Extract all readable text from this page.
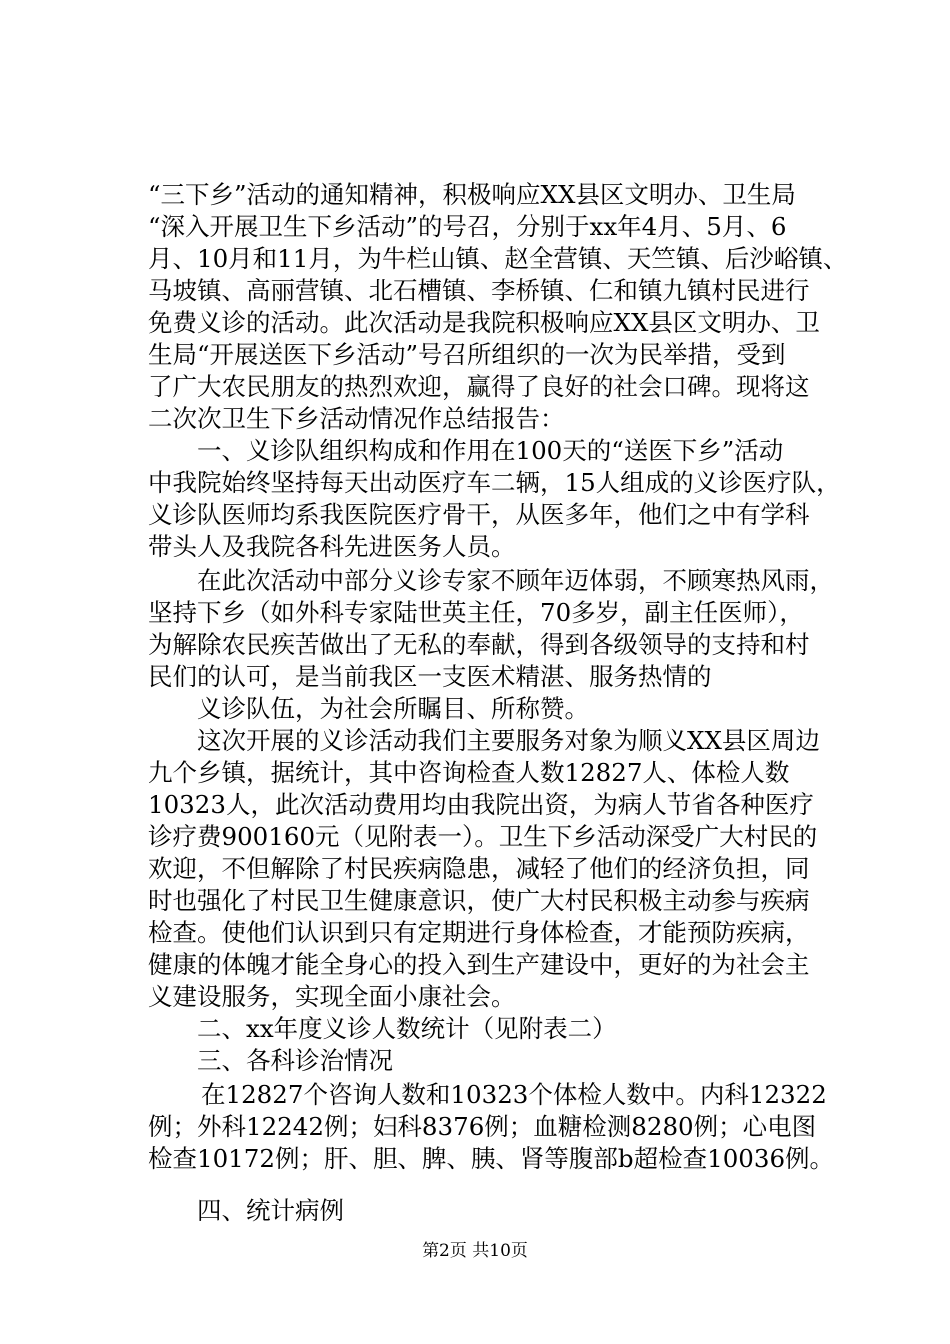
“三下乡”活动的通知精神，积极响应XX县区文明办、卫生局
“深入开展卫生下乡活动”的号召，分别于xx年4月、5月、6
月、10月和11月，为牛栏山镇、赵全营镇、天竺镇、后沙峪镇、
马坡镇、高丽营镇、北石槽镇、李桥镇、仁和镇九镇村民进行
免费义诊的活动。此次活动是我院积极响应XX县区文明办、卫
生局“开展送医下乡活动”号召所组织的一次为民举措，受到
了广大农民朋友的热烈欢迎，赢得了良好的社会口碑。现将这
二次次卫生下乡活动情况作总结报告：
　　一、义诊队组织构成和作用在100天的“送医下乡”活动
中我院始终坚持每天出动医疗车二辆，15人组成的义诊医疗队，
义诊队医师均系我医院医疗骨干，从医多年，他们之中有学科
带头人及我院各科先进医务人员。
　　在此次活动中部分义诊专家不顾年迈体弱，不顾寒热风雨，
坚持下乡（如外科专家陆世英主任，70多岁，副主任医师），
为解除农民疾苦做出了无私的奉献，得到各级领导的支持和村
民们的认可，是当前我区一支医术精湛、服务热情的
　　义诊队伍，为社会所瞩目、所称赞。
　　这次开展的义诊活动我们主要服务对象为顺义XX县区周边
九个乡镇，据统计，其中咨询检查人数12827人、体检人数
10323人，此次活动费用均由我院出资，为病人节省各种医疗
诊疗费900160元（见附表一）。卫生下乡活动深受广大村民的
欢迎，不但解除了村民疾病隐患，减轻了他们的经济负担，同
时也强化了村民卫生健康意识，使广大村民积极主动参与疾病
检查。使他们认识到只有定期进行身体检查，才能预防疾病，
健康的体魄才能全身心的投入到生产建设中，更好的为社会主
义建设服务，实现全面小康社会。
　　二、xx年度义诊人数统计（见附表二）
　　三、各科诊治情况
　　在12827个咨询人数和10323个体检人数中。内科12322
例；外科12242例；妇科8376例；血糖检测8280例；心电图
检查10172例；肝、胆、脾、胰、肾等腹部b超检查10036例。
　　四、统计病例
第2页 共10页
